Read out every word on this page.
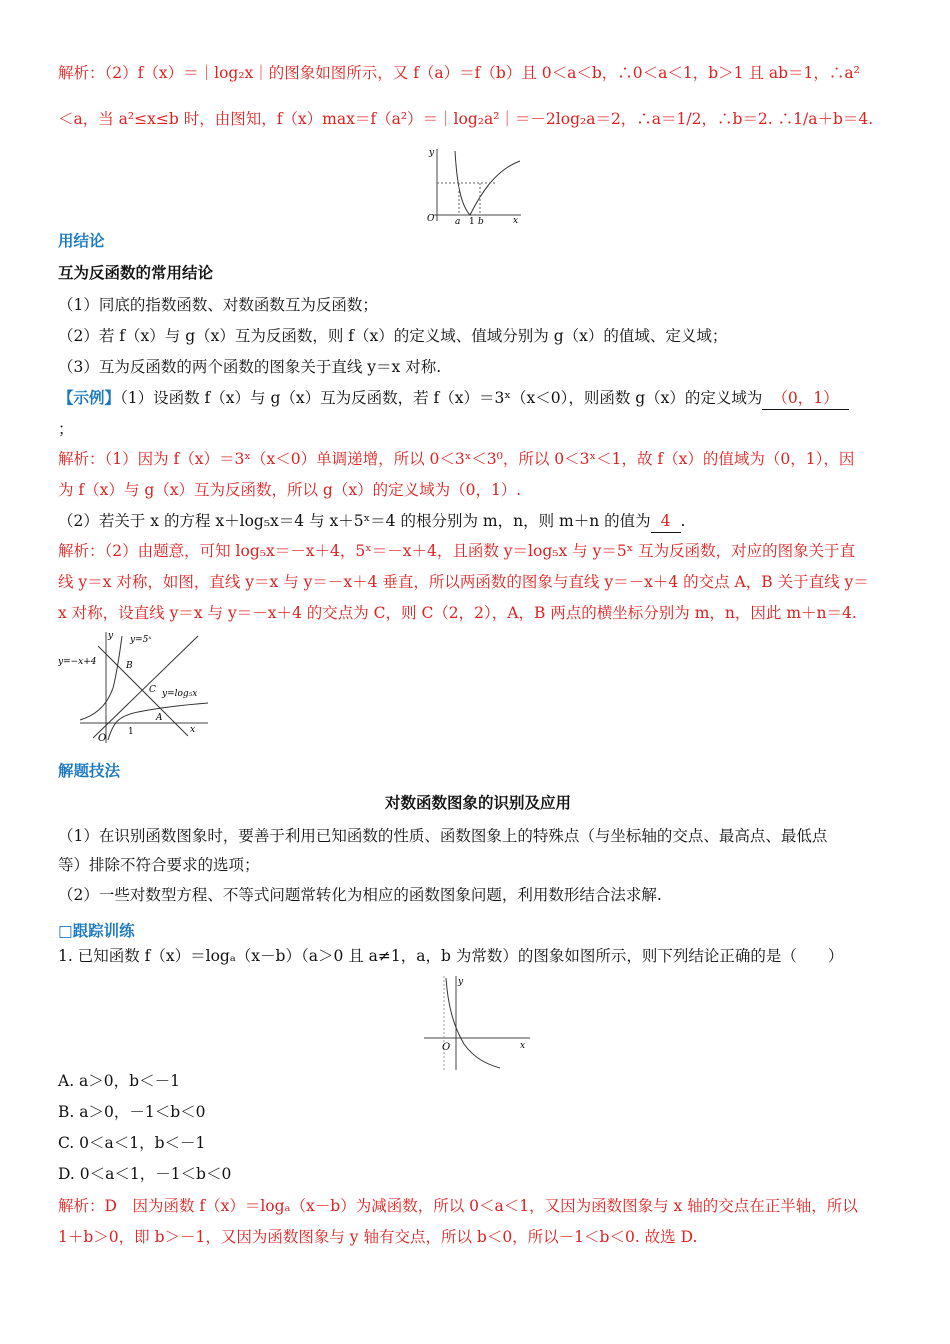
解析：（2）f（x）＝｜log₂x｜的图象如图所示，又 f（a）＝f（b）且 0＜a＜b，∴0＜a＜1，b＞1 且 ab＝1，∴a²
＜a，当 a²≤x≤b 时，由图知，f（x）max＝f（a²）＝｜log₂a²｜＝－2log₂a＝2，∴a＝1/2，∴b＝2. ∴1/a＋b＝4.
y
O a 1 b	x
用结论
互为反函数的常用结论
（1）同底的指数函数、对数函数互为反函数；
（2）若 f（x）与 g（x）互为反函数，则 f（x）的定义域、值域分别为 g（x）的值域、定义域；
（3）互为反函数的两个函数的图象关于直线 y＝x 对称.
【示例】（1）设函数 f（x）与 g（x）互为反函数，若 f（x）＝3ˣ（x＜0），则函数 g（x）的定义域为 （0，1）
；
解析：（1）因为 f（x）＝3ˣ（x＜0）单调递增，所以 0＜3ˣ＜3⁰，所以 0＜3ˣ＜1，故 f（x）的值域为（0，1），因
为 f（x）与 g（x）互为反函数，所以 g（x）的定义域为（0，1）.
（2）若关于 x 的方程 x＋log₅x＝4 与 x＋5ˣ＝4 的根分别为 m，n，则 m＋n 的值为 4 .
解析：（2）由题意，可知 log₅x＝－x＋4，5ˣ＝－x＋4，且函数 y＝log₅x 与 y＝5ˣ 互为反函数，对应的图象关于直
线 y＝x 对称，如图，直线 y＝x 与 y＝－x＋4 垂直，所以两函数的图象与直线 y＝－x＋4 的交点 A，B 关于直线 y＝
x 对称，设直线 y＝x 与 y＝－x＋4 的交点为 C，则 C（2，2），A，B 两点的横坐标分别为 m，n，因此 m＋n＝4.
y y=5ˣ
y=−x+4	B
C y=log₅x
A
O
1	x
解题技法
对数函数图象的识别及应用
（1）在识别函数图象时，要善于利用已知函数的性质、函数图象上的特殊点（与坐标轴的交点、最高点、最低点
等）排除不符合要求的选项；
（2）一些对数型方程、不等式问题常转化为相应的函数图象问题，利用数形结合法求解.
□跟踪训练
1. 已知函数 f（x）＝logₐ（x－b）（a＞0 且 a≠1，a，b 为常数）的图象如图所示，则下列结论正确的是（　　）
y
O	x
A. a＞0，b＜－1
B. a＞0，－1＜b＜0
C. 0＜a＜1，b＜－1
D. 0＜a＜1，－1＜b＜0
解析：D　因为函数 f（x）＝logₐ（x－b）为减函数，所以 0＜a＜1，又因为函数图象与 x 轴的交点在正半轴，所以
1＋b＞0，即 b＞－1，又因为函数图象与 y 轴有交点，所以 b＜0，所以－1＜b＜0. 故选 D.
